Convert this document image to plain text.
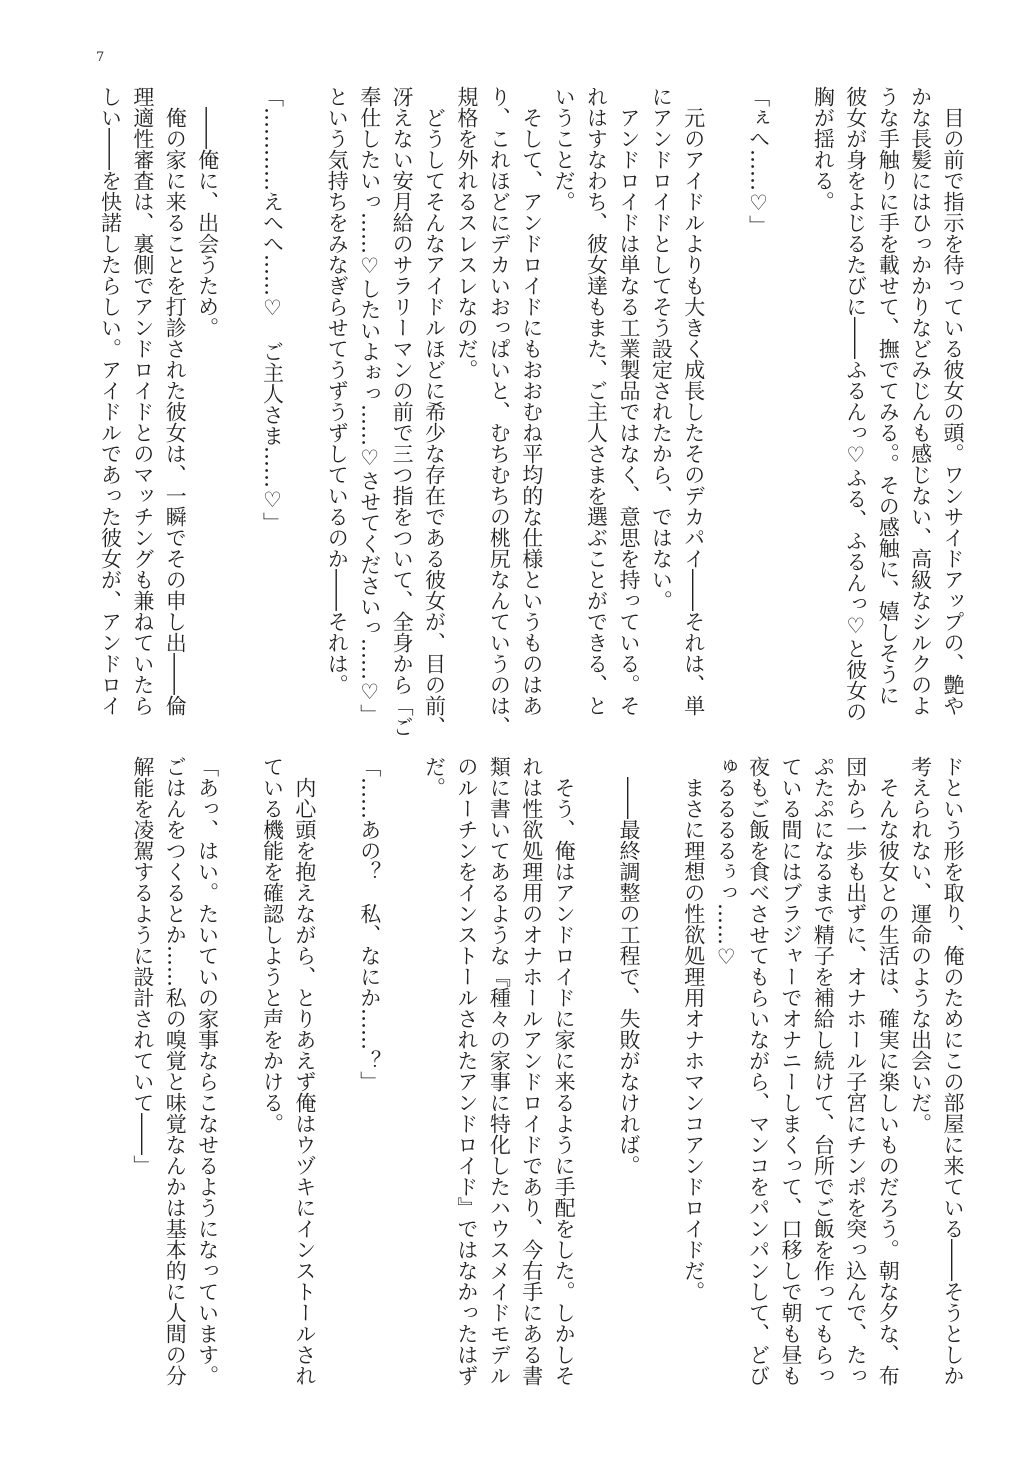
7
　目の前で指示を待っている彼女の頭。ワンサイドアップの、艶や
かな長髪にはひっかかりなどみじんも感じない、高級なシルクのよ
うな手触りに手を載せて、撫でてみる。。その感触に、嬉しそうに
彼女が身をよじるたびに――ふるんっ♡ふる、ふるんっ♡と彼女の
胸が揺れる。

「ぇへ……♡」

　元のアイドルよりも大きく成長したそのデカパイ――それは、単
にアンドロイドとしてそう設定されたから、ではない。
　アンドロイドは単なる工業製品ではなく、意思を持っている。そ
れはすなわち、彼女達もまた、ご主人さまを選ぶことができる、と
いうことだ。
　そして、アンドロイドにもおおむね平均的な仕様というものはあ
り、これほどにデカいおっぱいと、むちむちの桃尻なんていうのは、
規格を外れるスレスレなのだ。
　どうしてそんなアイドルほどに希少な存在である彼女が、目の前、
冴えない安月給のサラリーマンの前で三つ指をついて、全身から「ご
奉仕したいっ……♡したいよぉっ……♡させてくださいっ……♡」
という気持ちをみなぎらせてうずうずしているのか――それは。

「…………えへへ……♡　ご主人さま……♡」

　――俺に、出会うため。
　俺の家に来ることを打診された彼女は、一瞬でその申し出――倫
理適性審査は、裏側でアンドロイドとのマッチングも兼ねていたら
しい――を快諾したらしい。アイドルであった彼女が、アンドロイ
ドという形を取り、俺のためにこの部屋に来ている――そうとしか
考えられない、運命のような出会いだ。
　そんな彼女との生活は、確実に楽しいものだろう。朝な夕な、布
団から一歩も出ずに、オナホール子宮にチンポを突っ込んで、たっ
ぷたぷになるまで精子を補給し続けて、台所でご飯を作ってもらっ
ている間にはブラジャーでオナニーしまくって、口移しで朝も昼も
夜もご飯を食べさせてもらいながら、マンコをパンパンして、どび
ゅるるるるぅっ……♡
　まさに理想の性欲処理用オナホマンコアンドロイドだ。

　――最終調整の工程で、失敗がなければ。

　そう、俺はアンドロイドに家に来るように手配をした。しかしそ
れは性欲処理用のオナホールアンドロイドであり、今右手にある書
類に書いてあるような『種々の家事に特化したハウスメイドモデル
のルーチンをインストールされたアンドロイド』ではなかったはず
だ。

「……あの？　私、なにか……？」

　内心頭を抱えながら、とりあえず俺はウヅキにインストールされ
ている機能を確認しようと声をかける。

「あっ、はい。たいていの家事ならこなせるようになっています。
ごはんをつくるとか……私の嗅覚と味覚なんかは基本的に人間の分
解能を凌駕するように設計されていて――」
